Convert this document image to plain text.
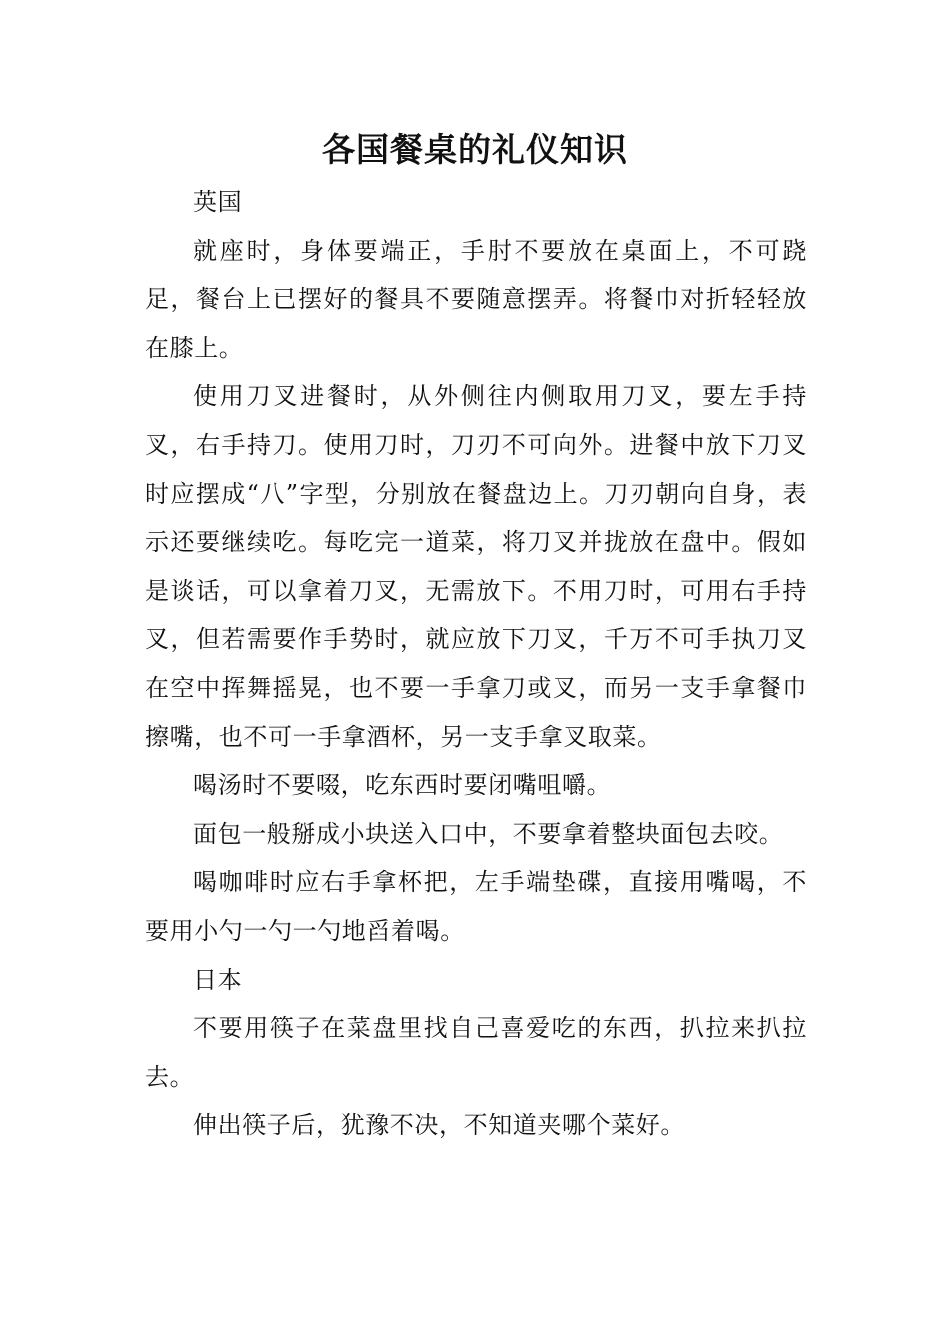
各国餐桌的礼仪知识

英国

就座时，身体要端正，手肘不要放在桌面上，不可跷足，餐台上已摆好的餐具不要随意摆弄。将餐巾对折轻轻放在膝上。

使用刀叉进餐时，从外侧往内侧取用刀叉，要左手持叉，右手持刀。使用刀时，刀刃不可向外。进餐中放下刀叉时应摆成“八”字型，分别放在餐盘边上。刀刃朝向自身，表示还要继续吃。每吃完一道菜，将刀叉并拢放在盘中。假如是谈话，可以拿着刀叉，无需放下。不用刀时，可用右手持叉，但若需要作手势时，就应放下刀叉，千万不可手执刀叉在空中挥舞摇晃，也不要一手拿刀或叉，而另一支手拿餐巾擦嘴，也不可一手拿酒杯，另一支手拿叉取菜。

喝汤时不要啜，吃东西时要闭嘴咀嚼。

面包一般掰成小块送入口中，不要拿着整块面包去咬。

喝咖啡时应右手拿杯把，左手端垫碟，直接用嘴喝，不要用小勺一勺一勺地舀着喝。

日本

不要用筷子在菜盘里找自己喜爱吃的东西，扒拉来扒拉去。

伸出筷子后，犹豫不决，不知道夹哪个菜好。
